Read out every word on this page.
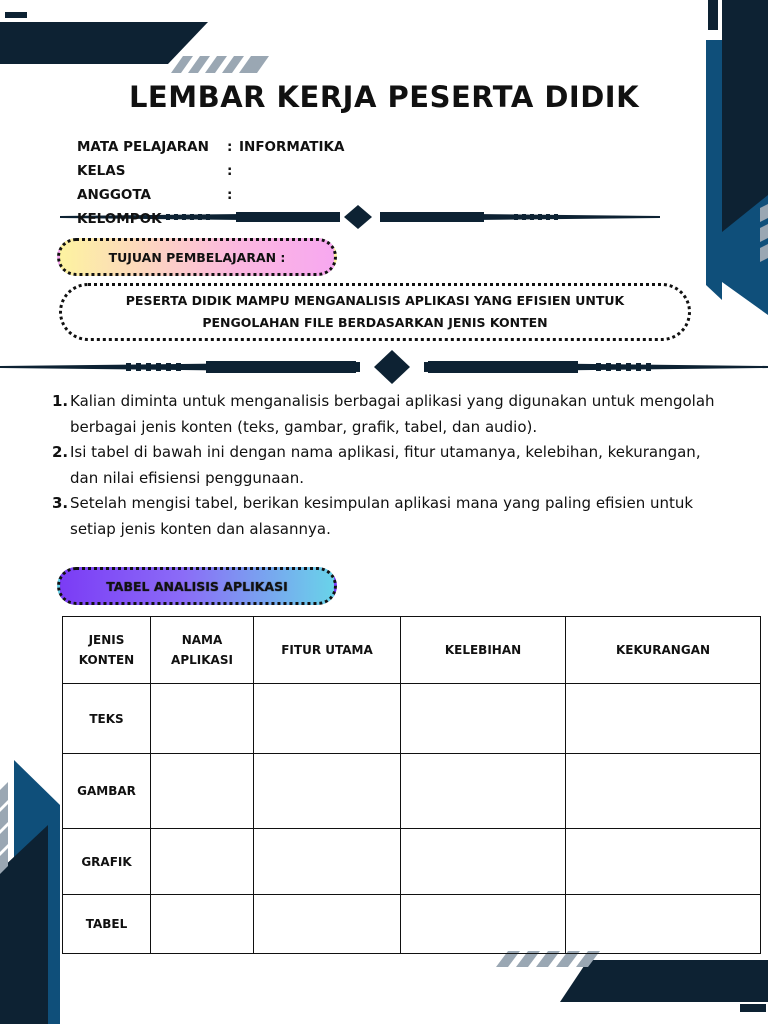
LEMBAR KERJA PESERTA DIDIK
MATA PELAJARAN	: INFORMATIKA
KELAS	:
ANGGOTA KELOMPOK
:
TUJUAN PEMBELAJARAN :
PESERTA DIDIK MAMPU MENGANALISIS APLIKASI YANG EFISIEN UNTUK PENGOLAHAN FILE BERDASARKAN JENIS KONTEN
1. Kalian diminta untuk menganalisis berbagai aplikasi yang digunakan untuk mengolah berbagai jenis konten (teks, gambar, grafik, tabel, dan audio).
2. Isi tabel di bawah ini dengan nama aplikasi, fitur utamanya, kelebihan, kekurangan, dan nilai efisiensi penggunaan.
3. Setelah mengisi tabel, berikan kesimpulan aplikasi mana yang paling efisien untuk setiap jenis konten dan alasannya.
TABEL ANALISIS APLIKASI
JENIS KONTEN	NAMA APLIKASI	FITUR UTAMA	KELEBIHAN	KEKURANGAN
TEKS				
GAMBAR				
GRAFIK				
TABEL				
